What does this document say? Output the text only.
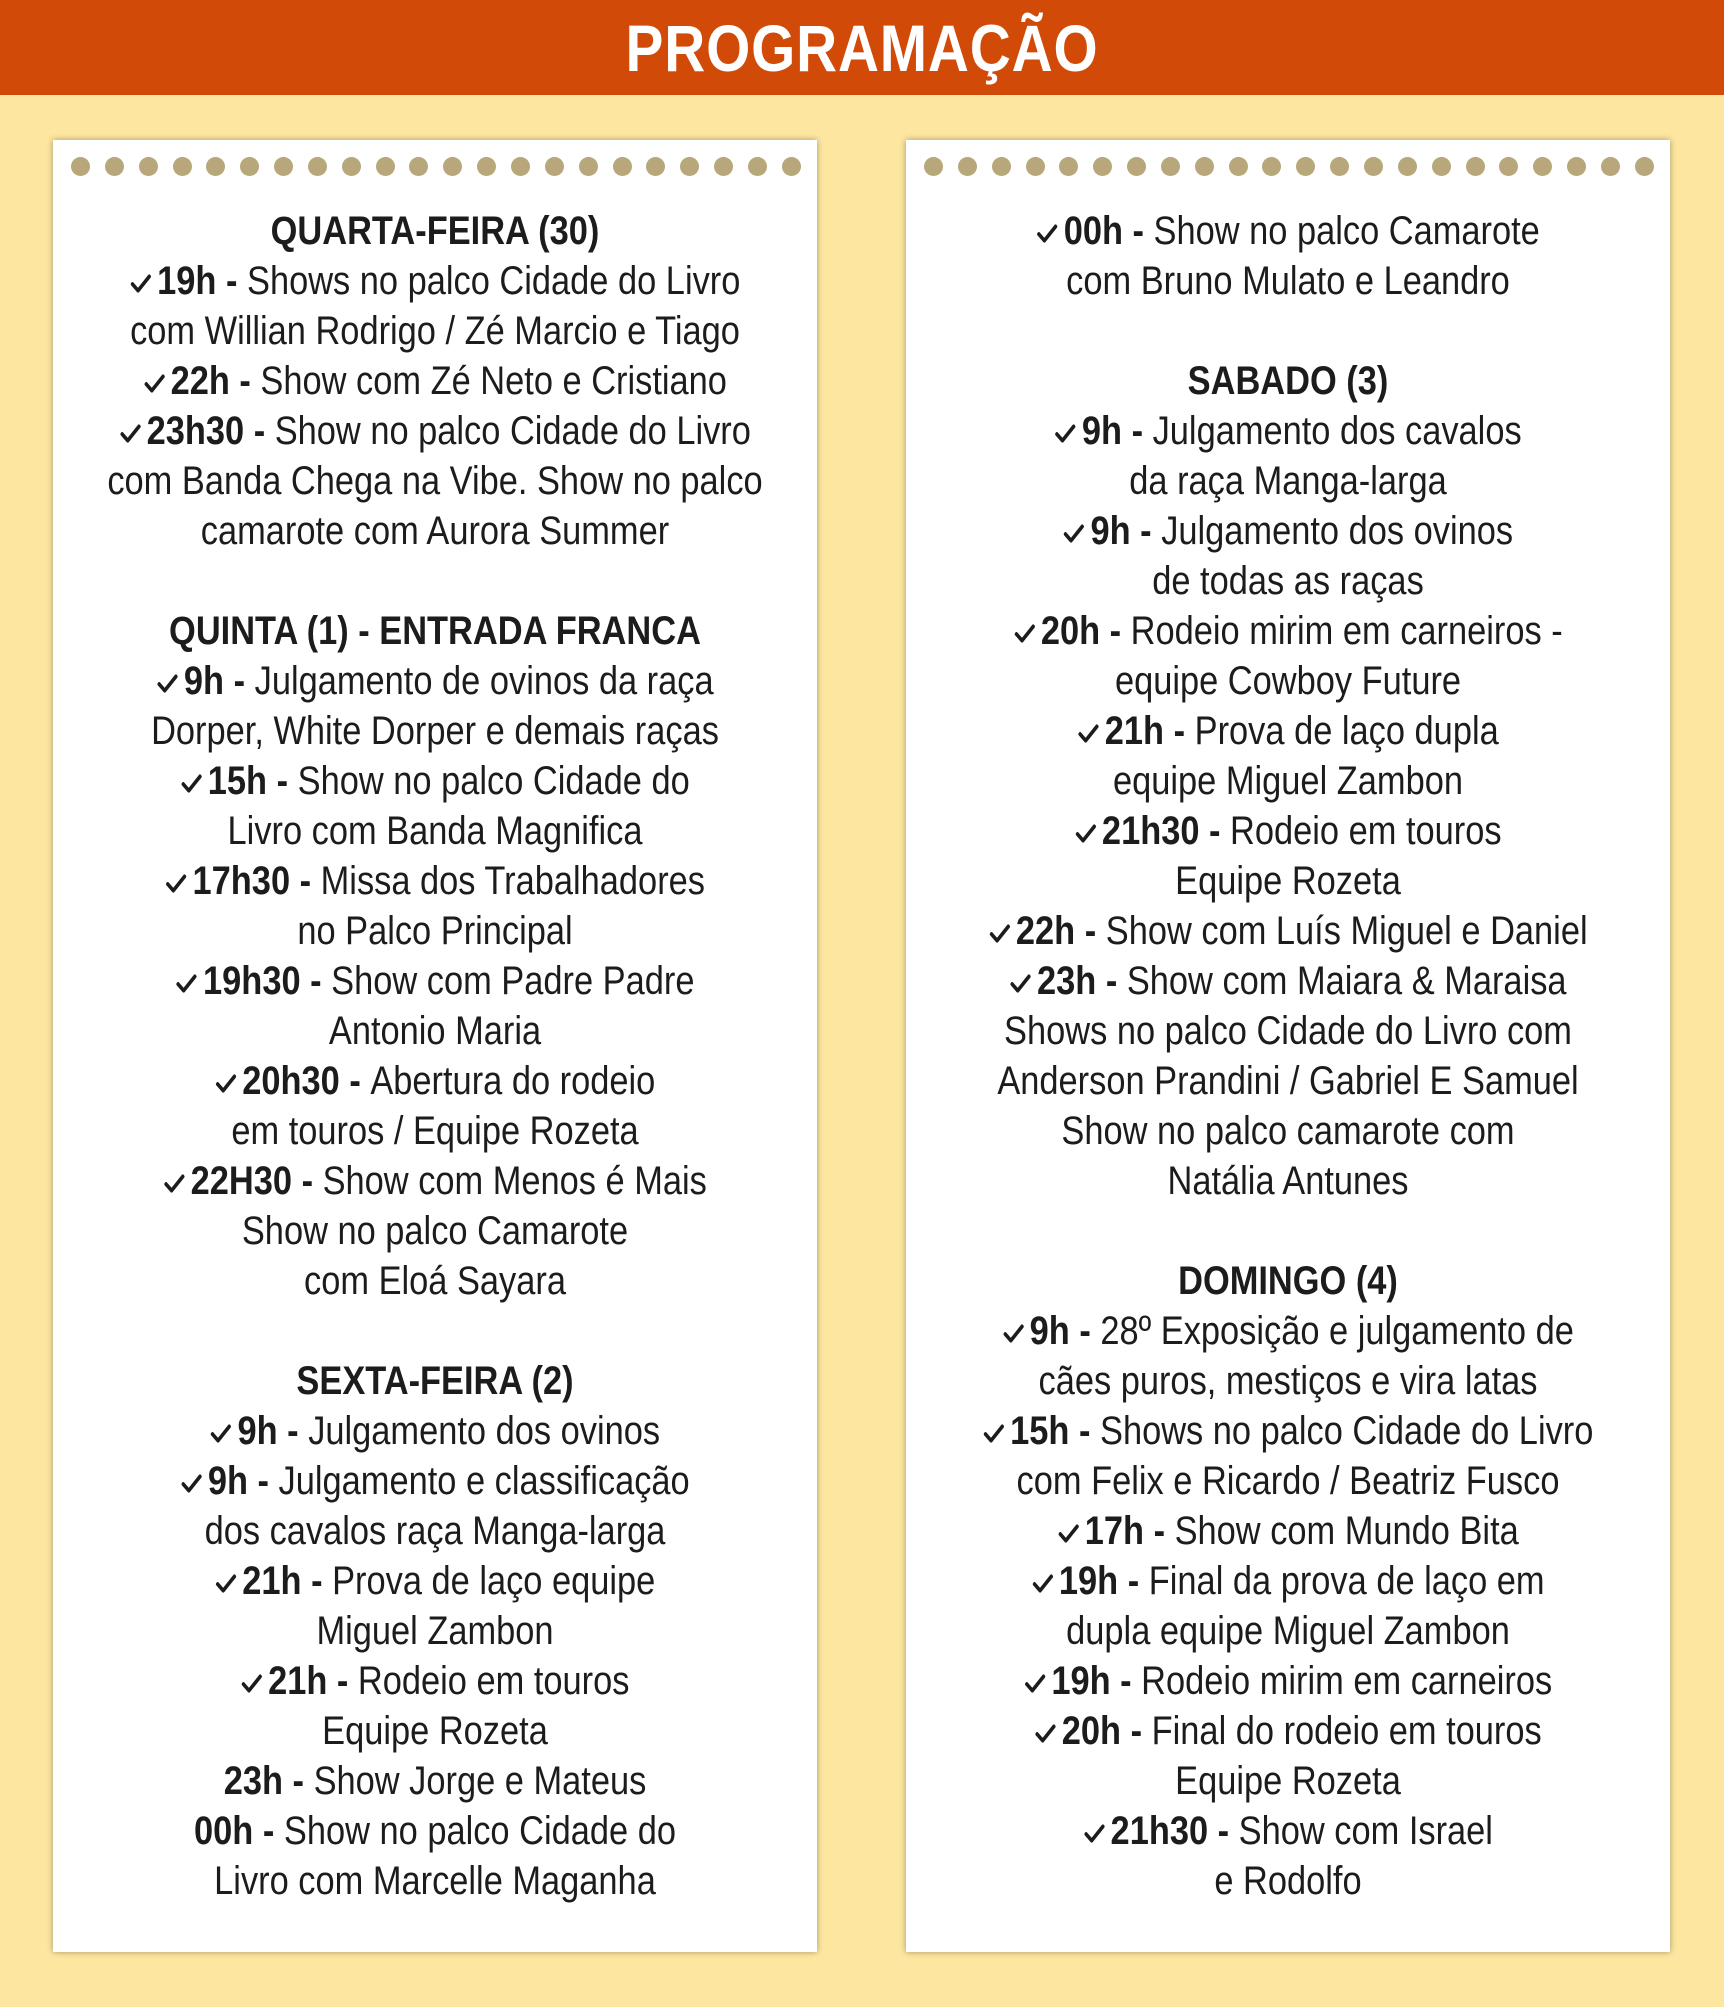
PROGRAMAÇÃO
QUARTA-FEIRA (30)
19h - Shows no palco Cidade do Livro
com Willian Rodrigo / Zé Marcio e Tiago
22h - Show com Zé Neto e Cristiano
23h30 - Show no palco Cidade do Livro
com Banda Chega na Vibe. Show no palco
camarote com Aurora Summer
QUINTA (1) - ENTRADA FRANCA
9h - Julgamento de ovinos da raça
Dorper, White Dorper e demais raças
15h - Show no palco Cidade do
Livro com Banda Magnifica
17h30 - Missa dos Trabalhadores
no Palco Principal
19h30 - Show com Padre Padre
Antonio Maria
20h30 - Abertura do rodeio
em touros / Equipe Rozeta
22H30 - Show com Menos é Mais
Show no palco Camarote
com Eloá Sayara
SEXTA-FEIRA (2)
9h - Julgamento dos ovinos
9h - Julgamento e classificação
dos cavalos raça Manga-larga
21h - Prova de laço equipe
Miguel Zambon
21h - Rodeio em touros
Equipe Rozeta
23h - Show Jorge e Mateus
00h - Show no palco Cidade do
Livro com Marcelle Maganha
00h - Show no palco Camarote
com Bruno Mulato e Leandro
SABADO (3)
9h - Julgamento dos cavalos
da raça Manga-larga
9h - Julgamento dos ovinos
de todas as raças
20h - Rodeio mirim em carneiros -
equipe Cowboy Future
21h - Prova de laço dupla
equipe Miguel Zambon
21h30 - Rodeio em touros
Equipe Rozeta
22h - Show com Luís Miguel e Daniel
23h - Show com Maiara & Maraisa
Shows no palco Cidade do Livro com
Anderson Prandini / Gabriel E Samuel
Show no palco camarote com
Natália Antunes
DOMINGO (4)
9h - 28º Exposição e julgamento de
cães puros, mestiços e vira latas
15h - Shows no palco Cidade do Livro
com Felix e Ricardo / Beatriz Fusco
17h - Show com Mundo Bita
19h - Final da prova de laço em
dupla equipe Miguel Zambon
19h - Rodeio mirim em carneiros
20h - Final do rodeio em touros
Equipe Rozeta
21h30 - Show com Israel
e Rodolfo
